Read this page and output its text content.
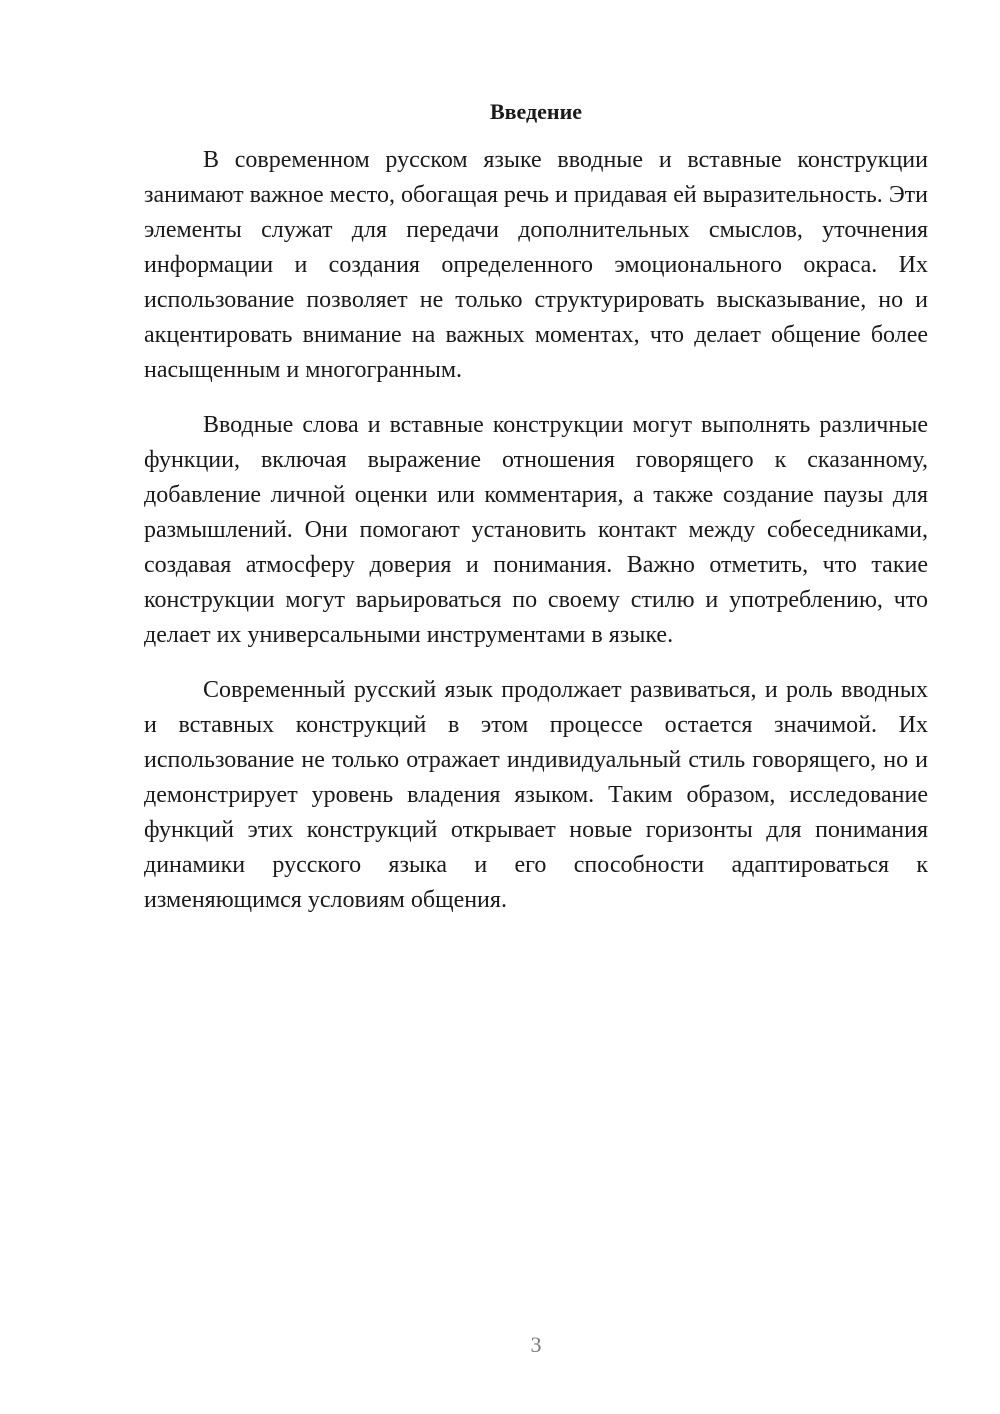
Введение

В современном русском языке вводные и вставные конструкции занимают важное место, обогащая речь и придавая ей выразительность. Эти элементы служат для передачи дополнительных смыслов, уточнения информации и создания определенного эмоционального окраса. Их использование позволяет не только структурировать высказывание, но и акцентировать внимание на важных моментах, что делает общение более насыщенным и многогранным.

Вводные слова и вставные конструкции могут выполнять различные функции, включая выражение отношения говорящего к сказанному, добавление личной оценки или комментария, а также создание паузы для размышлений. Они помогают установить контакт между собеседниками, создавая атмосферу доверия и понимания. Важно отметить, что такие конструкции могут варьироваться по своему стилю и употреблению, что делает их универсальными инструментами в языке.

Современный русский язык продолжает развиваться, и роль вводных и вставных конструкций в этом процессе остается значимой. Их использование не только отражает индивидуальный стиль говорящего, но и демонстрирует уровень владения языком. Таким образом, исследование функций этих конструкций открывает новые горизонты для понимания динамики русского языка и его способности адаптироваться к изменяющимся условиям общения.

3
